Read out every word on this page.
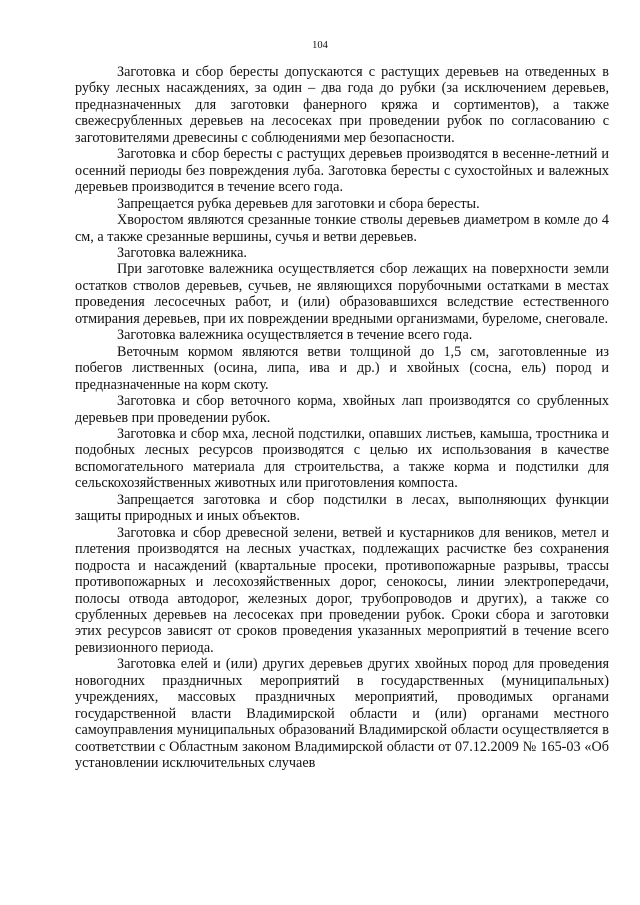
104

Заготовка и сбор бересты допускаются с растущих деревьев на отведенных в рубку лесных насаждениях, за один – два года до рубки (за исключением деревьев, предназначенных для заготовки фанерного кряжа и сортиментов), а также свежесрубленных деревьев на лесосеках при проведении рубок по согласованию с заготовителями древесины с соблюдениями мер безопасности.

Заготовка и сбор бересты с растущих деревьев производятся в весенне-летний и осенний периоды без повреждения луба. Заготовка бересты с сухостойных и валежных деревьев производится в течение всего года.

Запрещается рубка деревьев для заготовки и сбора бересты.

Хворостом являются срезанные тонкие стволы деревьев диаметром в комле до 4 см, а также срезанные вершины, сучья и ветви деревьев.

Заготовка валежника.

При заготовке валежника осуществляется сбор лежащих на поверхности земли остатков стволов деревьев, сучьев, не являющихся порубочными остатками в местах проведения лесосечных работ, и (или) образовавшихся вследствие естественного отмирания деревьев, при их повреждении вредными организмами, буреломе, снеговале.

Заготовка валежника осуществляется в течение всего года.

Веточным кормом являются ветви толщиной до 1,5 см, заготовленные из побегов лиственных (осина, липа, ива и др.) и хвойных (сосна, ель) пород и предназначенные на корм скоту.

Заготовка и сбор веточного корма, хвойных лап производятся со срубленных деревьев при проведении рубок.

Заготовка и сбор мха, лесной подстилки, опавших листьев, камыша, тростника и подобных лесных ресурсов производятся с целью их использования в качестве вспомогательного материала для строительства, а также корма и подстилки для сельскохозяйственных животных или приготовления компоста.

Запрещается заготовка и сбор подстилки в лесах, выполняющих функции защиты природных и иных объектов.

Заготовка и сбор древесной зелени, ветвей и кустарников для веников, метел и плетения производятся на лесных участках, подлежащих расчистке без сохранения подроста и насаждений (квартальные просеки, противопожарные разрывы, трассы противопожарных и лесохозяйственных дорог, сенокосы, линии электропередачи, полосы отвода автодорог, железных дорог, трубопроводов и других), а также со срубленных деревьев на лесосеках при проведении рубок. Сроки сбора и заготовки этих ресурсов зависят от сроков проведения указанных мероприятий в течение всего ревизионного периода.

Заготовка елей и (или) других деревьев других хвойных пород для проведения новогодних праздничных мероприятий в государственных (муниципальных) учреждениях, массовых праздничных мероприятий, проводимых органами государственной власти Владимирской области и (или) органами местного самоуправления муниципальных образований Владимирской области осуществляется в соответствии с Областным законом Владимирской области от 07.12.2009 № 165-03 «Об установлении исключительных случаев
